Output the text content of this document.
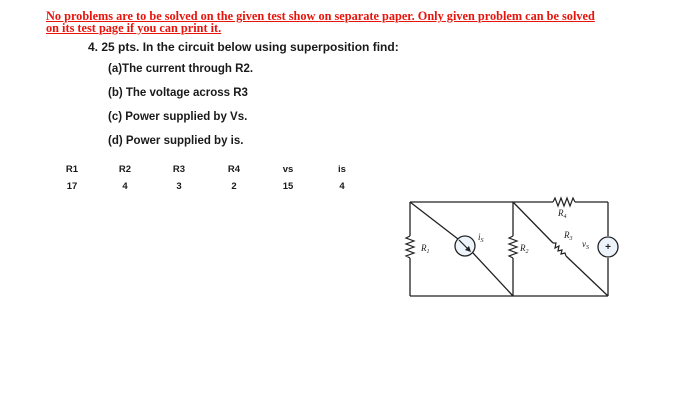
No problems are to be solved on the given test show on separate paper. Only given problem can be solved
on its test page if you can print it.
4. 25 pts. In the circuit below using superposition find:
(a)The current through R2.
(b) The voltage across R3
(c) Power supplied by Vs.
(d) Power supplied by is.
R1	R2	R3	R4	vs	is
17	4	3	2	15	4
+
$R_1$	$R_2$
$R_4$
$R_3$
$i_S$	$v_S$
